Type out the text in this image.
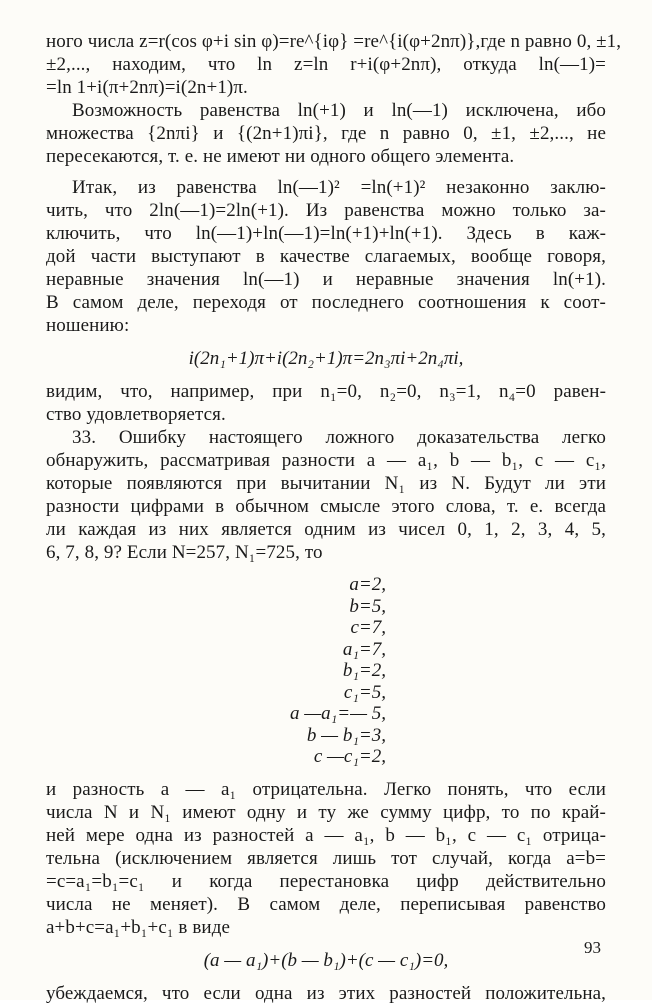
ного числа z=r(cos φ+i sin φ)=re^{iφ} =re^{i(φ+2nπ)},где n равно 0, ±1,
±2,..., находим, что ln z=ln r+i(φ+2nπ), откуда ln(—1)=
=ln 1+i(π+2nπ)=i(2n+1)π.
Возможность равенства ln(+1) и ln(—1) исключена, ибо
множества {2nπi} и {(2n+1)πi}, где n равно 0, ±1, ±2,..., не
пересекаются, т. е. не имеют ни одного общего элемента.
Итак, из равенства ln(—1)² =ln(+1)² незаконно заклю-
чить, что 2ln(—1)=2ln(+1). Из равенства можно только за-
ключить, что ln(—1)+ln(—1)=ln(+1)+ln(+1). Здесь в каж-
дой части выступают в качестве слагаемых, вообще говоря,
неравные значения ln(—1) и неравные значения ln(+1).
В самом деле, переходя от последнего соотношения к соот-
ношению:
i(2n₁+1)π+i(2n₂+1)π=2n₃πi+2n₄πi,
видим, что, например, при n₁=0, n₂=0, n₃=1, n₄=0 равен-
ство удовлетворяется.
33. Ошибку настоящего ложного доказательства легко
обнаружить, рассматривая разности a — a₁, b — b₁, c — c₁,
которые появляются при вычитании N₁ из N. Будут ли эти
разности цифрами в обычном смысле этого слова, т. е. всегда
ли каждая из них является одним из чисел 0, 1, 2, 3, 4, 5,
6, 7, 8, 9? Если N=257, N₁=725, то
a=2,
b=5,
c=7,
a₁=7,
b₁=2,
c₁=5,
a —a₁=— 5,
b — b₁=3,
c —c₁=2,
и разность a — a₁ отрицательна. Легко понять, что если
числа N и N₁ имеют одну и ту же сумму цифр, то по край-
ней мере одна из разностей a — a₁, b — b₁, c — c₁ отрица-
тельна (исключением является лишь тот случай, когда a=b=
=c=a₁=b₁=c₁ и когда перестановка цифр действительно
числа не меняет). В самом деле, переписывая равенство
a+b+c=a₁+b₁+c₁ в виде
(a — a₁)+(b — b₁)+(c — c₁)=0,
убеждаемся, что если одна из этих разностей положительна,
93
